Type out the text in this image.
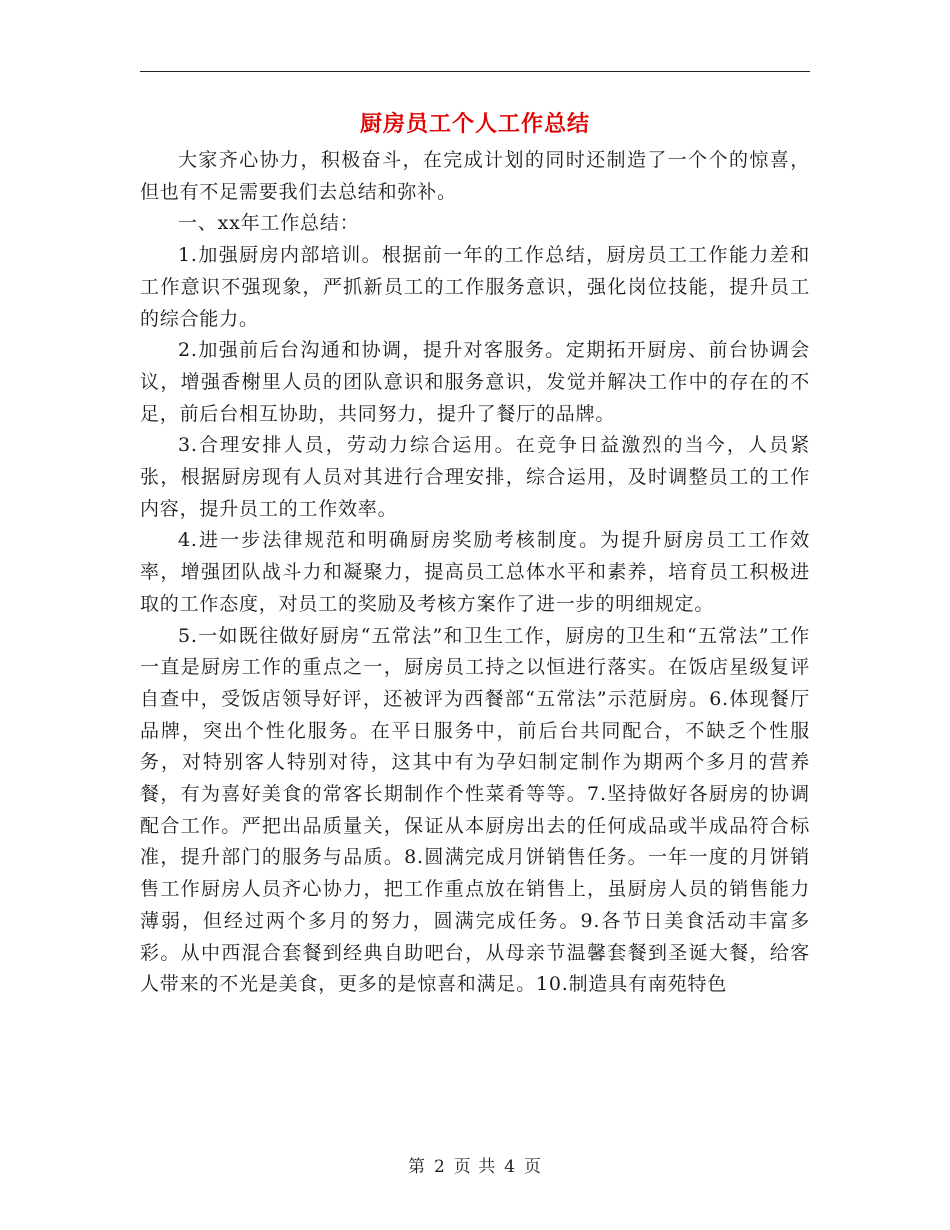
厨房员工个人工作总结

大家齐心协力，积极奋斗，在完成计划的同时还制造了一个个的惊喜，但也有不足需要我们去总结和弥补。

一、xx年工作总结：

1.加强厨房内部培训。根据前一年的工作总结，厨房员工工作能力差和工作意识不强现象，严抓新员工的工作服务意识，强化岗位技能，提升员工的综合能力。

2.加强前后台沟通和协调，提升对客服务。定期拓开厨房、前台协调会议，增强香榭里人员的团队意识和服务意识，发觉并解决工作中的存在的不足，前后台相互协助，共同努力，提升了餐厅的品牌。

3.合理安排人员，劳动力综合运用。在竞争日益激烈的当今，人员紧张，根据厨房现有人员对其进行合理安排，综合运用，及时调整员工的工作内容，提升员工的工作效率。

4.进一步法律规范和明确厨房奖励考核制度。为提升厨房员工工作效率，增强团队战斗力和凝聚力，提高员工总体水平和素养，培育员工积极进取的工作态度，对员工的奖励及考核方案作了进一步的明细规定。

5.一如既往做好厨房“五常法”和卫生工作，厨房的卫生和“五常法”工作一直是厨房工作的重点之一，厨房员工持之以恒进行落实。在饭店星级复评自查中，受饭店领导好评，还被评为西餐部“五常法”示范厨房。6.体现餐厅品牌，突出个性化服务。在平日服务中，前后台共同配合，不缺乏个性服务，对特别客人特别对待，这其中有为孕妇制定制作为期两个多月的营养餐，有为喜好美食的常客长期制作个性菜肴等等。7.坚持做好各厨房的协调配合工作。严把出品质量关，保证从本厨房出去的任何成品或半成品符合标准，提升部门的服务与品质。8.圆满完成月饼销售任务。一年一度的月饼销售工作厨房人员齐心协力，把工作重点放在销售上，虽厨房人员的销售能力薄弱，但经过两个多月的努力，圆满完成任务。9.各节日美食活动丰富多彩。从中西混合套餐到经典自助吧台，从母亲节温馨套餐到圣诞大餐，给客人带来的不光是美食，更多的是惊喜和满足。10.制造具有南苑特色

第 2 页 共 4 页
